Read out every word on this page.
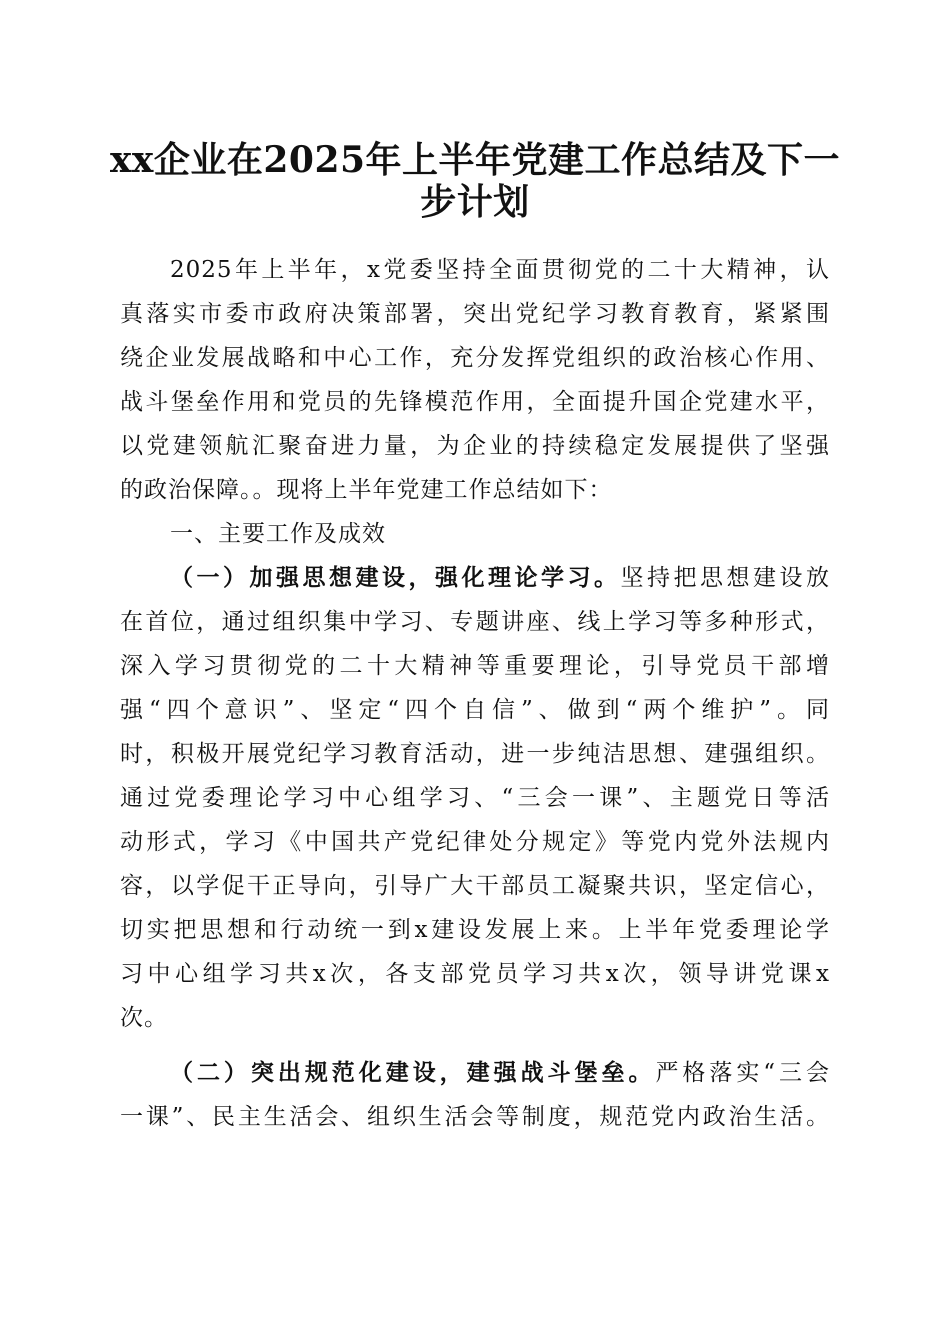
xx企业在2025年上半年党建工作总结及下一
步计划
2025年上半年，x党委坚持全面贯彻党的二十大精神，认
真落实市委市政府决策部署，突出党纪学习教育教育，紧紧围
绕企业发展战略和中心工作，充分发挥党组织的政治核心作用、
战斗堡垒作用和党员的先锋模范作用，全面提升国企党建水平，
以党建领航汇聚奋进力量，为企业的持续稳定发展提供了坚强
的政治保障。。现将上半年党建工作总结如下：
一、主要工作及成效
（一）加强思想建设，强化理论学习。坚持把思想建设放
在首位，通过组织集中学习、专题讲座、线上学习等多种形式，
深入学习贯彻党的二十大精神等重要理论，引导党员干部增
强“四个意识”、坚定“四个自信”、做到“两个维护”。同
时，积极开展党纪学习教育活动，进一步纯洁思想、建强组织。
通过党委理论学习中心组学习、“三会一课”、主题党日等活
动形式，学习《中国共产党纪律处分规定》等党内党外法规内
容，以学促干正导向，引导广大干部员工凝聚共识，坚定信心，
切实把思想和行动统一到x建设发展上来。上半年党委理论学
习中心组学习共x次，各支部党员学习共x次，领导讲党课x
次。
（二）突出规范化建设，建强战斗堡垒。严格落实“三会
一课”、民主生活会、组织生活会等制度，规范党内政治生活。
